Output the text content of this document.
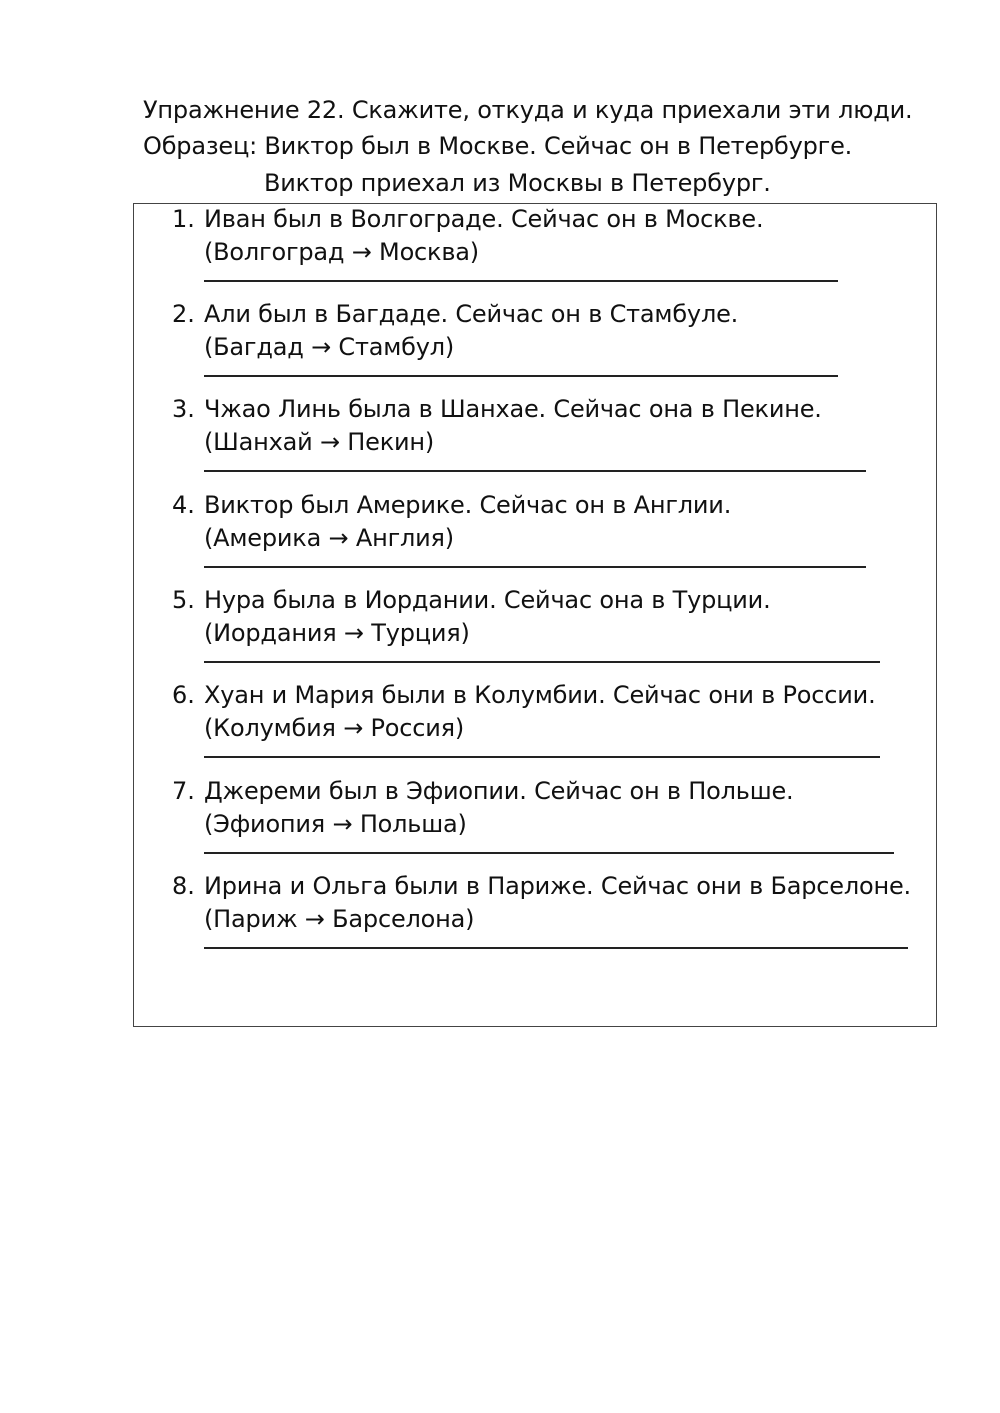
Упражнение 22. Скажите, откуда и куда приехали эти люди.
Образец: Виктор был в Москве. Сейчас он в Петербурге.
Виктор приехал из Москвы в Петербург.
1. Иван был в Волгограде. Сейчас он в Москве.
(Волгоград → Москва)
2. Али был в Багдаде. Сейчас он в Стамбуле.
(Багдад → Стамбул)
3. Чжао Линь была в Шанхае. Сейчас она в Пекине.
(Шанхай → Пекин)
4. Виктор был Америке. Сейчас он в Англии.
(Америка → Англия)
5. Нура была в Иордании. Сейчас она в Турции.
(Иордания → Турция)
6. Хуан и Мария были в Колумбии. Сейчас они в России.
(Колумбия → Россия)
7. Джереми был в Эфиопии. Сейчас он в Польше.
(Эфиопия → Польша)
8. Ирина и Ольга были в Париже. Сейчас они в Барселоне.
(Париж → Барселона)
